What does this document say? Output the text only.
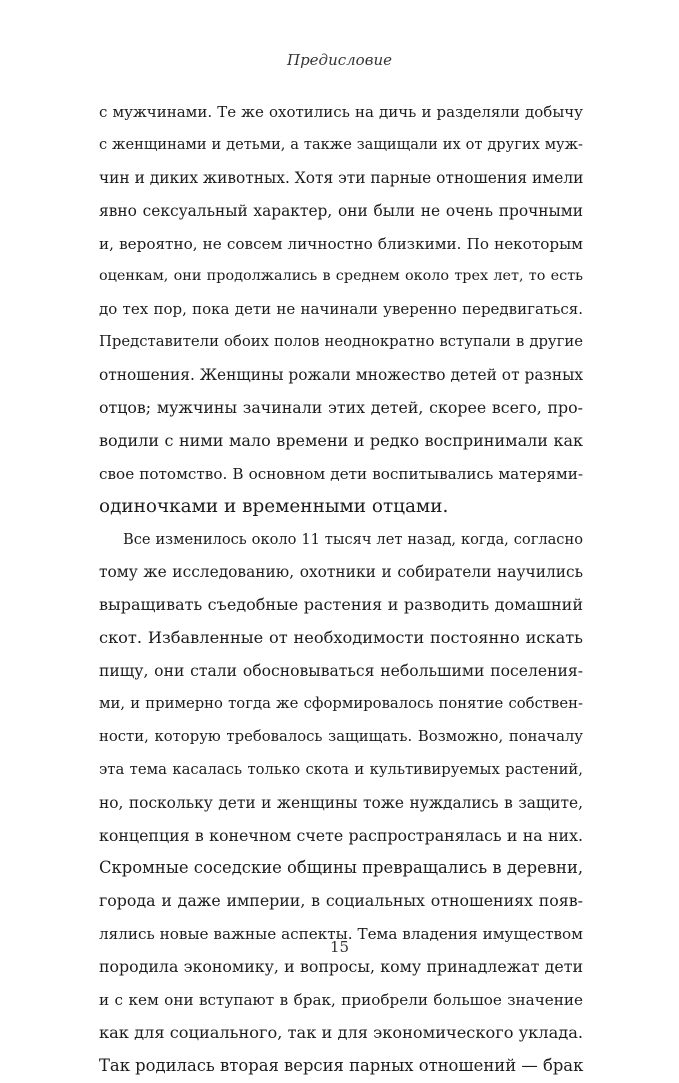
Предисловие
с мужчинами. Те же охотились на дичь и разделяли добычу
с женщинами и детьми, а также защищали их от других муж-
чин и диких животных. Хотя эти парные отношения имели
явно сексуальный характер, они были не очень прочными
и, вероятно, не совсем личностно близкими. По некоторым
оценкам, они продолжались в среднем около трех лет, то есть
до тех пор, пока дети не начинали уверенно передвигаться.
Представители обоих полов неоднократно вступали в другие
отношения. Женщины рожали множество детей от разных
отцов; мужчины зачинали этих детей, скорее всего, про-
водили с ними мало времени и редко воспринимали как
свое потомство. В основном дети воспитывались матерями-
одиночками и временными отцами.
Все изменилось около 11 тысяч лет назад, когда, согласно
тому же исследованию, охотники и собиратели научились
выращивать съедобные растения и разводить домашний
скот. Избавленные от необходимости постоянно искать
пищу, они стали обосновываться небольшими поселения-
ми, и примерно тогда же сформировалось понятие собствен-
ности, которую требовалось защищать. Возможно, поначалу
эта тема касалась только скота и культивируемых растений,
но, поскольку дети и женщины тоже нуждались в защите,
концепция в конечном счете распространялась и на них.
Скромные соседские общины превращались в деревни,
города и даже империи, в социальных отношениях появ-
лялись новые важные аспекты. Тема владения имуществом
породила экономику, и вопросы, кому принадлежат дети
и с кем они вступают в брак, приобрели большое значение
как для социального, так и для экономического уклада.
Так родилась вторая версия парных отношений — брак
15
